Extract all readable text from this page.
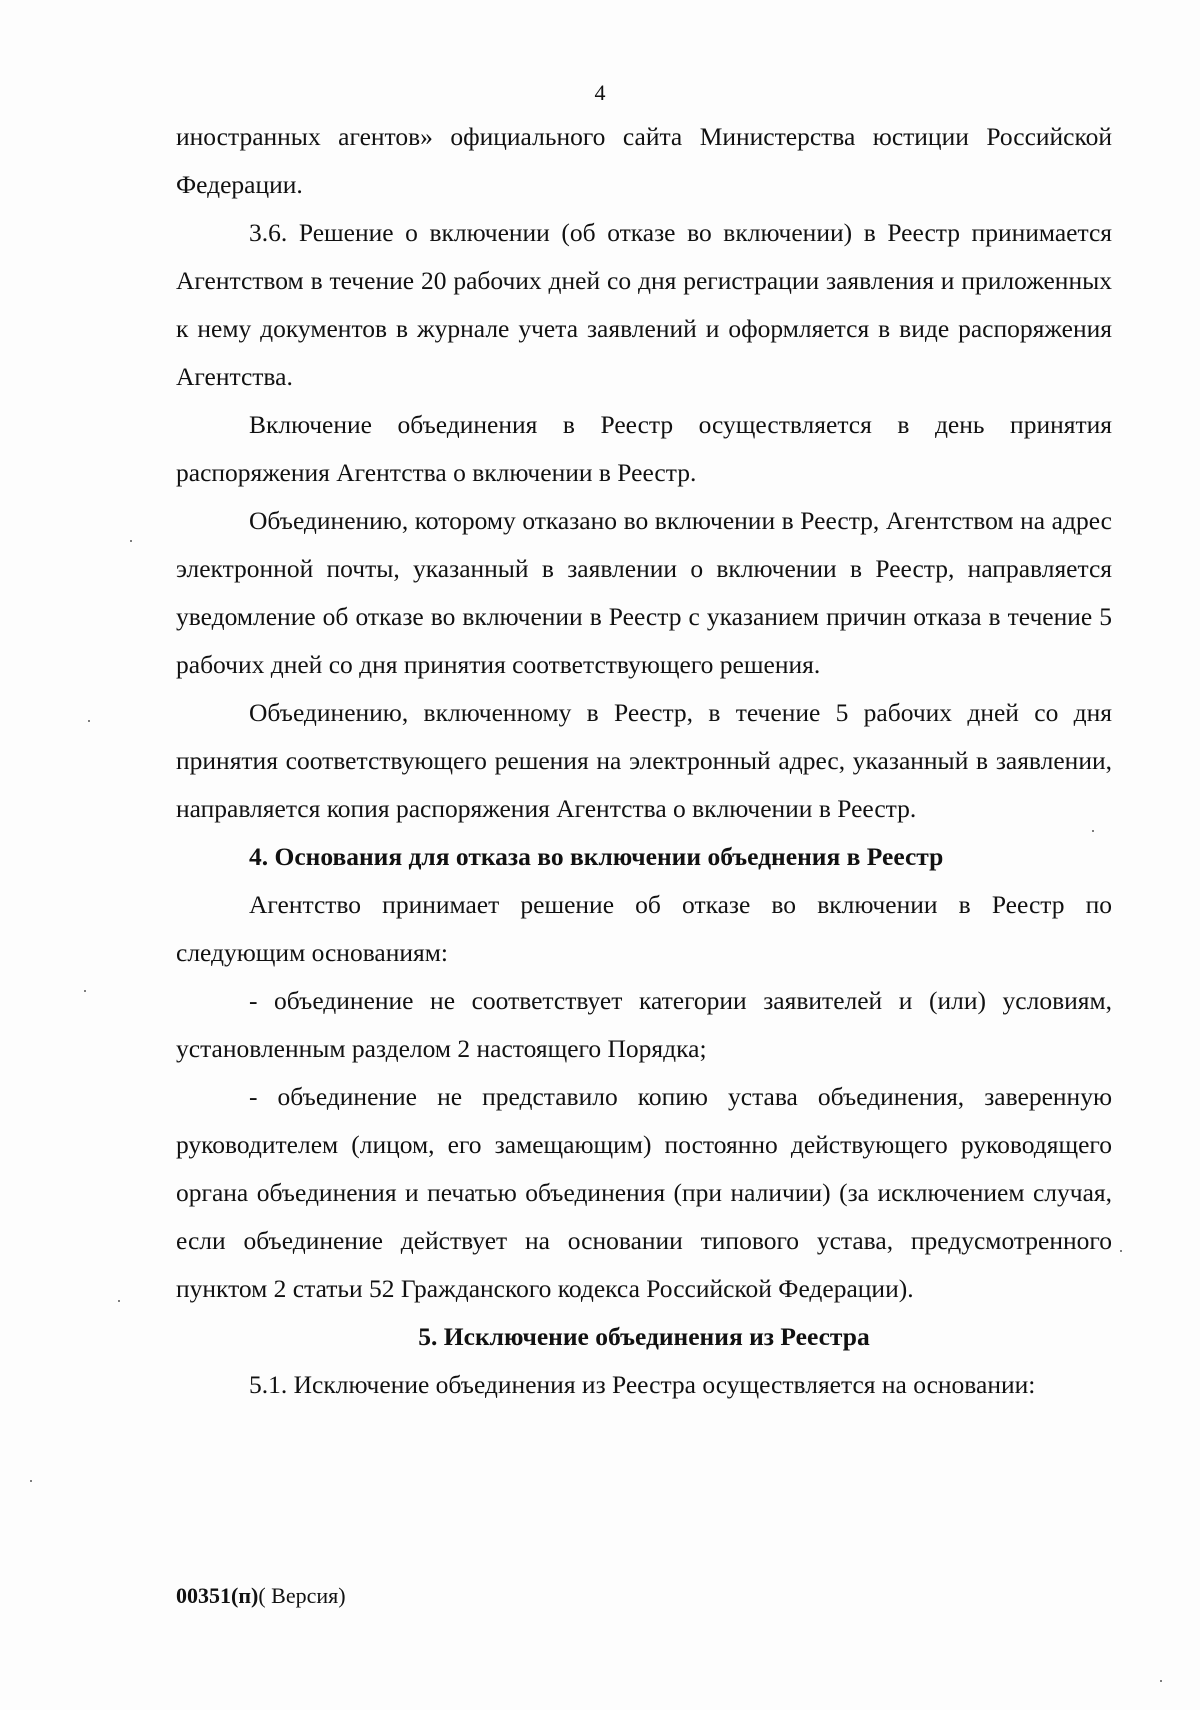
4

иностранных агентов» официального сайта Министерства юстиции Российской Федерации.

3.6. Решение о включении (об отказе во включении) в Реестр принимается Агентством в течение 20 рабочих дней со дня регистрации заявления и приложенных к нему документов в журнале учета заявлений и оформляется в виде распоряжения Агентства.

Включение объединения в Реестр осуществляется в день принятия распоряжения Агентства о включении в Реестр.

Объединению, которому отказано во включении в Реестр, Агентством на адрес электронной почты, указанный в заявлении о включении в Реестр, направляется уведомление об отказе во включении в Реестр с указанием причин отказа в течение 5 рабочих дней со дня принятия соответствующего решения.

Объединению, включенному в Реестр, в течение 5 рабочих дней со дня принятия соответствующего решения на электронный адрес, указанный в заявлении, направляется копия распоряжения Агентства о включении в Реестр.

4. Основания для отказа во включении объеднения в Реестр

Агентство принимает решение об отказе во включении в Реестр по следующим основаниям:

- объединение не соответствует категории заявителей и (или) условиям, установленным разделом 2 настоящего Порядка;

- объединение не представило копию устава объединения, заверенную руководителем (лицом, его замещающим) постоянно действующего руководящего органа объединения и печатью объединения (при наличии) (за исключением случая, если объединение действует на основании типового устава, предусмотренного пунктом 2 статьи 52 Гражданского кодекса Российской Федерации).

5. Исключение объединения из Реестра

5.1. Исключение объединения из Реестра осуществляется на основании:

00351(п)( Версия)
